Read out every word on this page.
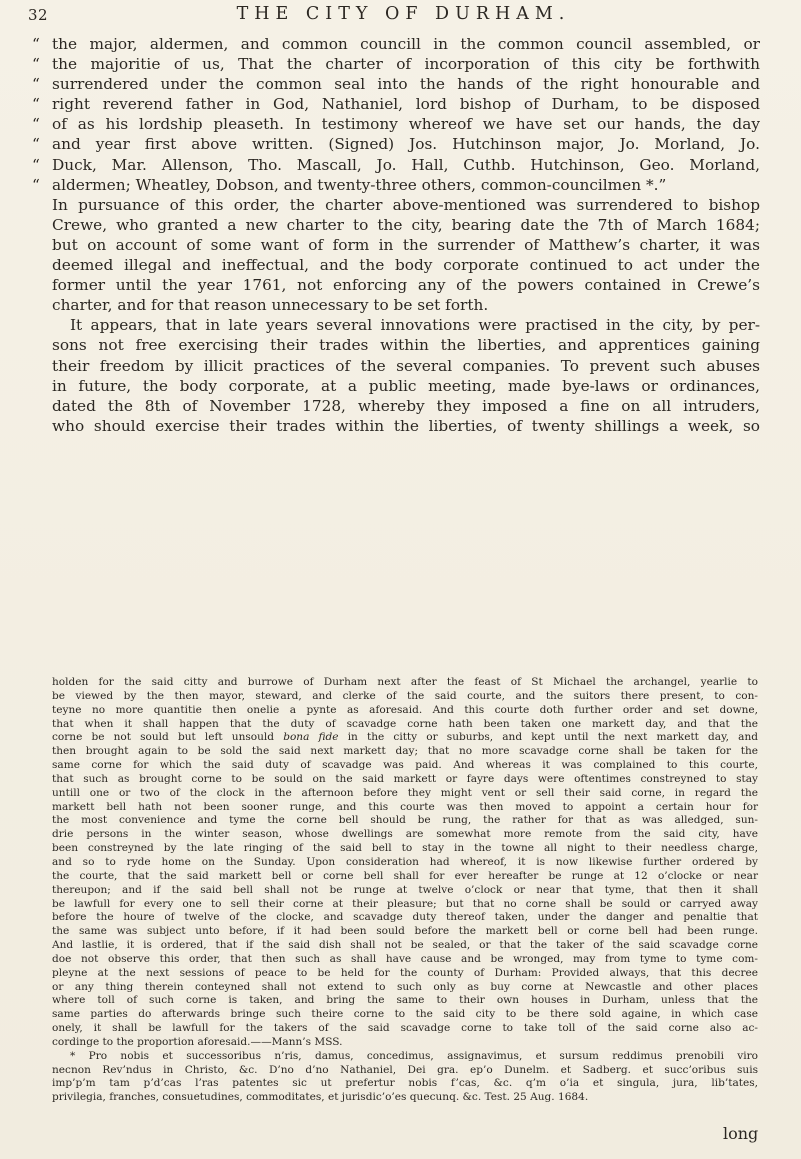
32	THE CITY OF DURHAM.
“ the major, aldermen, and common councill in the common council assembled, or
“ the majoritie of us, That the charter of incorporation of this city be forthwith
“ surrendered under the common seal into the hands of the right honourable and
“ right reverend father in God, Nathaniel, lord bishop of Durham, to be disposed
“ of as his lordship pleaseth. In testimony whereof we have set our hands, the day
“ and year first above written. (Signed) Jos. Hutchinson major, Jo. Morland, Jo.
“ Duck, Mar. Allenson, Tho. Mascall, Jo. Hall, Cuthb. Hutchinson, Geo. Morland,
“ aldermen; Wheatley, Dobson, and twenty-three others, common-councilmen *.”
In pursuance of this order, the charter above-mentioned was surrendered to bishop
Crewe, who granted a new charter to the city, bearing date the 7th of March 1684;
but on account of some want of form in the surrender of Matthew’s charter, it was
deemed illegal and ineffectual, and the body corporate continued to act under the
former until the year 1761, not enforcing any of the powers contained in Crewe’s
charter, and for that reason unnecessary to be set forth.
It appears, that in late years several innovations were practised in the city, by per-
sons not free exercising their trades within the liberties, and apprentices gaining
their freedom by illicit practices of the several companies. To prevent such abuses
in future, the body corporate, at a public meeting, made bye-laws or ordinances,
dated the 8th of November 1728, whereby they imposed a fine on all intruders,
who should exercise their trades within the liberties, of twenty shillings a week, so
holden for the said citty and burrowe of Durham next after the feast of St Michael the archangel, yearlie to
be viewed by the then mayor, steward, and clerke of the said courte, and the suitors there present, to con-
teyne no more quantitie then onelie a pynte as aforesaid. And this courte doth further order and set downe,
that when it shall happen that the duty of scavadge corne hath been taken one markett day, and that the
corne be not sould but left unsould bona fide in the citty or suburbs, and kept until the next markett day, and
then brought again to be sold the said next markett day; that no more scavadge corne shall be taken for the
same corne for which the said duty of scavadge was paid. And whereas it was complained to this courte,
that such as brought corne to be sould on the said markett or fayre days were oftentimes constreyned to stay
untill one or two of the clock in the afternoon before they might vent or sell their said corne, in regard the
markett bell hath not been sooner runge, and this courte was then moved to appoint a certain hour for
the most convenience and tyme the corne bell should be rung, the rather for that as was alledged, sun-
drie persons in the winter season, whose dwellings are somewhat more remote from the said city, have
been constreyned by the late ringing of the said bell to stay in the towne all night to their needless charge,
and so to ryde home on the Sunday. Upon consideration had whereof, it is now likewise further ordered by
the courte, that the said markett bell or corne bell shall for ever hereafter be runge at 12 o’clocke or near
thereupon; and if the said bell shall not be runge at twelve o’clock or near that tyme, that then it shall
be lawfull for every one to sell their corne at their pleasure; but that no corne shall be sould or carryed away
before the houre of twelve of the clocke, and scavadge duty thereof taken, under the danger and penaltie that
the same was subject unto before, if it had been sould before the markett bell or corne bell had been runge.
And lastlie, it is ordered, that if the said dish shall not be sealed, or that the taker of the said scavadge corne
doe not observe this order, that then such as shall have cause and be wronged, may from tyme to tyme com-
pleyne at the next sessions of peace to be held for the county of Durham: Provided always, that this decree
or any thing therein conteyned shall not extend to such only as buy corne at Newcastle and other places
where toll of such corne is taken, and bring the same to their own houses in Durham, unless that the
same parties do afterwards bringe such theire corne to the said city to be there sold againe, in which case
onely, it shall be lawfull for the takers of the said scavadge corne to take toll of the said corne also ac-
cordinge to the proportion aforesaid.——Mann’s MSS.
* Pro nobis et successoribus n’ris, damus, concedimus, assignavimus, et sursum reddimus prenobili viro
necnon Rev’ndus in Christo, &c. D’no d’no Nathaniel, Dei gra. ep’o Dunelm. et Sadberg. et succ’oribus suis
imp’p’m tam p’d’cas l’ras patentes sic ut prefertur nobis f’cas, &c. q’m o’ia et singula, jura, lib’tates,
privilegia, franches, consuetudines, commoditates, et jurisdic’o’es quecunq. &c. Test. 25 Aug. 1684.
long
